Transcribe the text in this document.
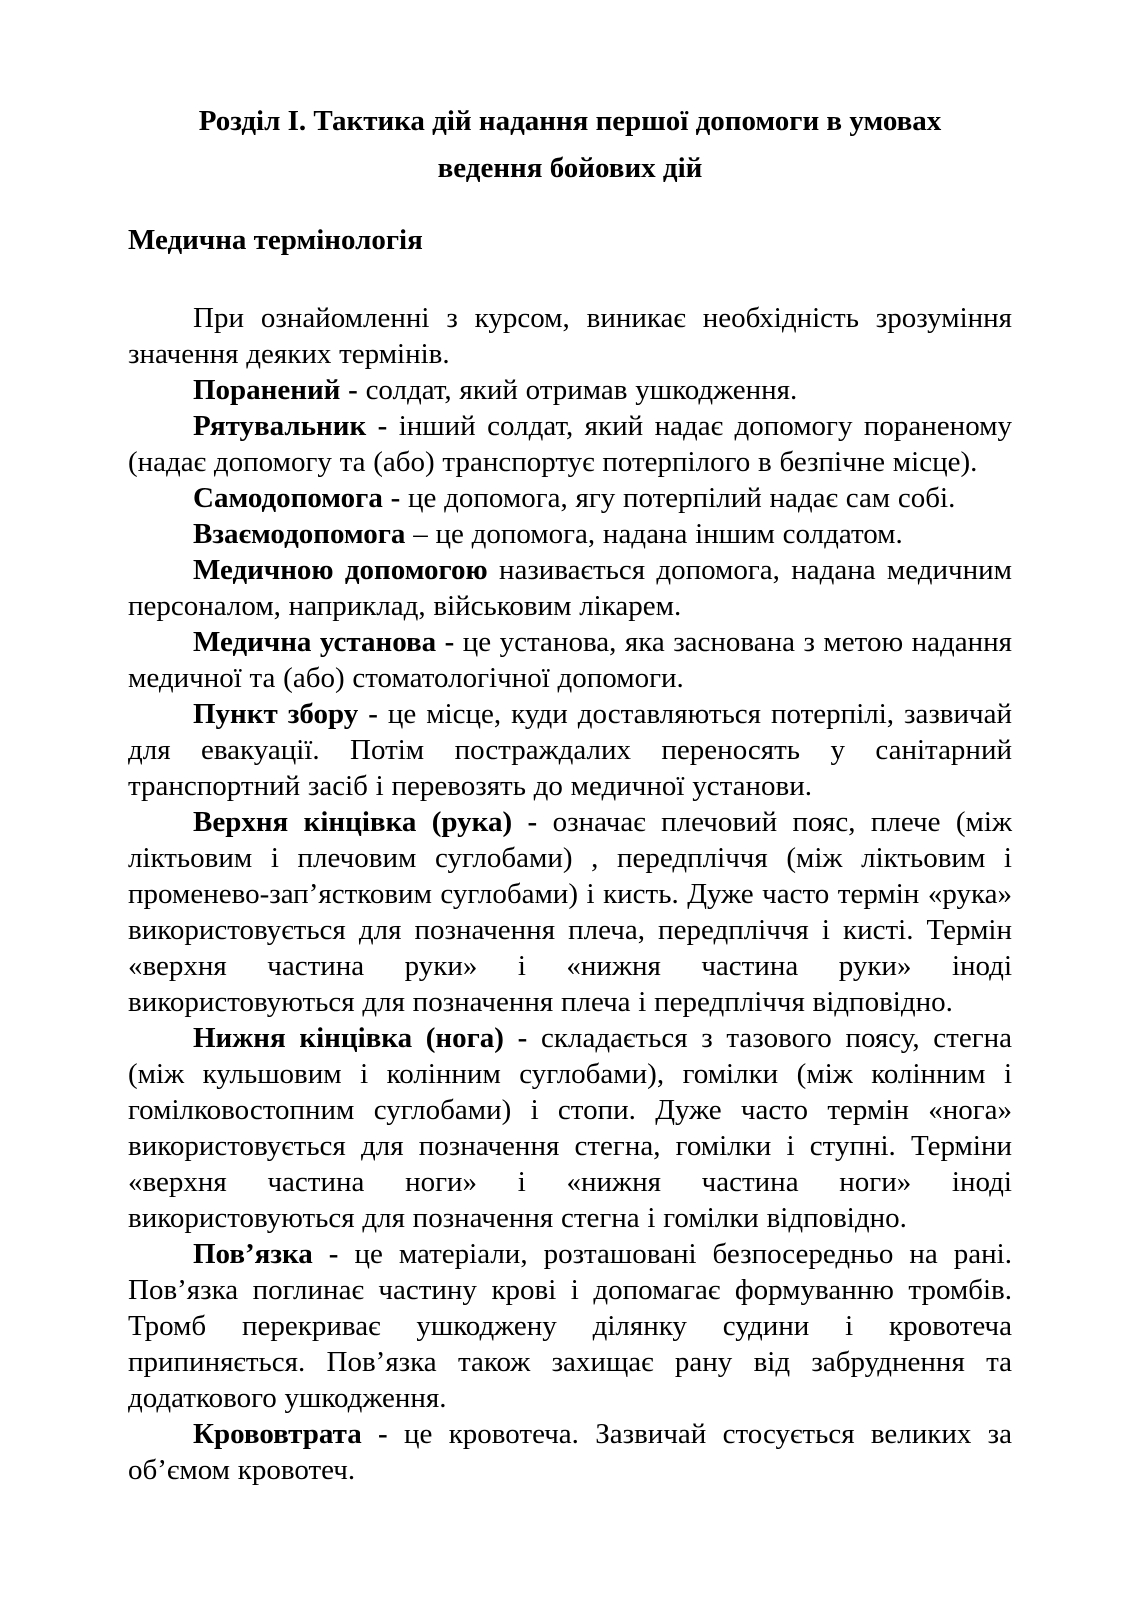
Розділ І. Тактика дій надання першої допомоги в умовах
ведення бойових дій
Медична термінологія

При ознайомленні з курсом, виникає необхідність зрозуміння значення деяких термінів.

Поранений - солдат, який отримав ушкодження.

Рятувальник - інший солдат, який надає допомогу пораненому (надає допомогу та (або) транспортує потерпілого в безпічне місце).

Самодопомога - це допомога, ягу потерпілий надає сам собі.

Взаємодопомога – це допомога, надана іншим солдатом.

Медичною допомогою називається допомога, надана медичним персоналом, наприклад, військовим лікарем.

Медична установа - це установа, яка заснована з метою надання медичної та (або) стоматологічної допомоги.

Пункт збору - це місце, куди доставляються потерпілі, зазвичай для евакуації. Потім постраждалих переносять у санітарний транспортний засіб і перевозять до медичної установи.

Верхня кінцівка (рука) - означає плечовий пояс, плече (між ліктьовим і плечовим суглобами) , передпліччя (між ліктьовим і променево-зап’ястковим суглобами) і кисть. Дуже часто термін «рука» використовується для позначення плеча, передпліччя і кисті. Термін «верхня частина руки» і «нижня частина руки» іноді використовуються для позначення плеча і передпліччя відповідно.

Нижня кінцівка (нога) - складається з тазового поясу, стегна (між кульшовим і колінним суглобами), гомілки (між колінним і гомілковостопним суглобами) і стопи. Дуже часто термін «нога» використовується для позначення стегна, гомілки і ступні. Терміни «верхня частина ноги» і «нижня частина ноги» іноді використовуються для позначення стегна і гомілки відповідно.

Пов’язка - це матеріали, розташовані безпосередньо на рані. Пов’язка поглинає частину крові і допомагає формуванню тромбів. Тромб перекриває ушкоджену ділянку судини і кровотеча припиняється. Пов’язка також захищає рану від забруднення та додаткового ушкодження.

Крововтрата - це кровотеча. Зазвичай стосується великих за об’ємом кровотеч.
